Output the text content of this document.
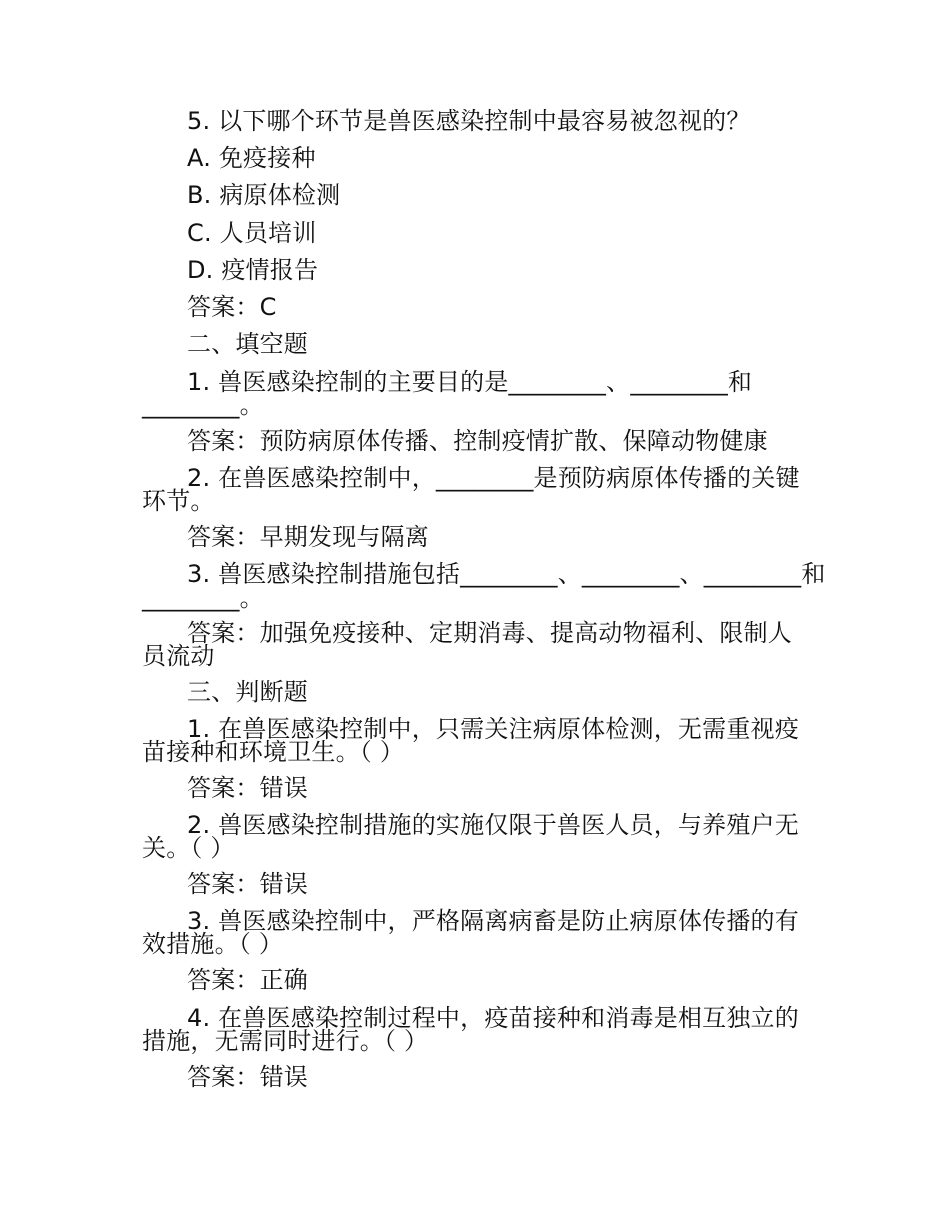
5. 以下哪个环节是兽医感染控制中最容易被忽视的？
A. 免疫接种
B. 病原体检测
C. 人员培训
D. 疫情报告
答案：C
二、填空题
1. 兽医感染控制的主要目的是________、________和
________。
答案：预防病原体传播、控制疫情扩散、保障动物健康
2. 在兽医感染控制中，________是预防病原体传播的关键
环节。
答案：早期发现与隔离
3. 兽医感染控制措施包括________、________、________和
________。
答案：加强免疫接种、定期消毒、提高动物福利、限制人
员流动
三、判断题
1. 在兽医感染控制中，只需关注病原体检测，无需重视疫
苗接种和环境卫生。（ ）
答案：错误
2. 兽医感染控制措施的实施仅限于兽医人员，与养殖户无
关。（ ）
答案：错误
3. 兽医感染控制中，严格隔离病畜是防止病原体传播的有
效措施。（ ）
答案：正确
4. 在兽医感染控制过程中，疫苗接种和消毒是相互独立的
措施，无需同时进行。（ ）
答案：错误
